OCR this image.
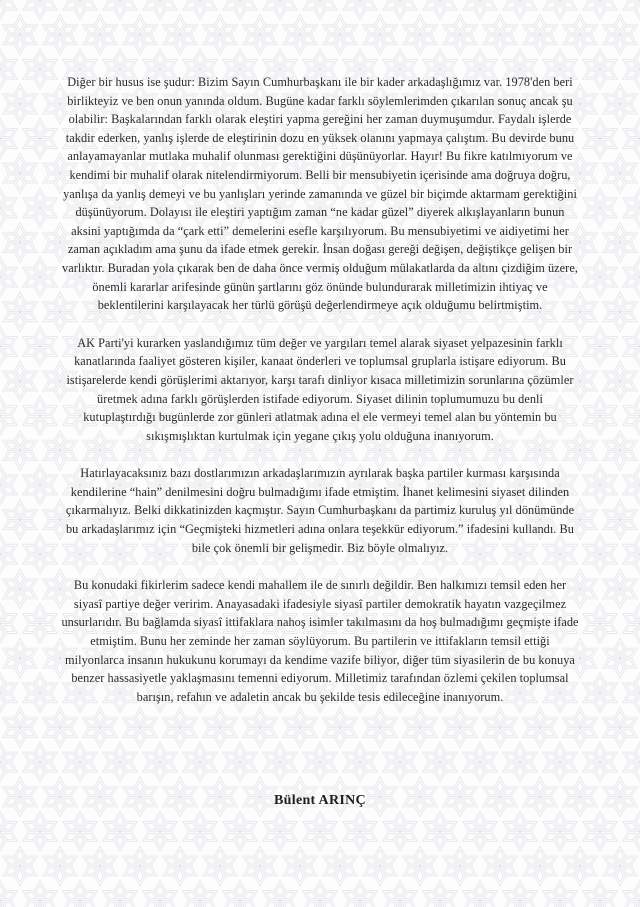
Diğer bir husus ise şudur: Bizim Sayın Cumhurbaşkanı ile bir kader arkadaşlığımız var. 1978'den beri birlikteyiz ve ben onun yanında oldum. Bugüne kadar farklı söylemlerimden çıkarılan sonuç ancak şu olabilir: Başkalarından farklı olarak eleştiri yapma gereğini her zaman duymuşumdur. Faydalı işlerde takdir ederken, yanlış işlerde de eleştirinin dozu en yüksek olanını yapmaya çalıştım. Bu devirde bunu anlayamayanlar mutlaka muhalif olunması gerektiğini düşünüyorlar. Hayır! Bu fikre katılmıyorum ve kendimi bir muhalif olarak nitelendirmiyorum. Belli bir mensubiyetin içerisinde ama doğruya doğru, yanlışa da yanlış demeyi ve bu yanlışları yerinde zamanında ve güzel bir biçimde aktarmam gerektiğini düşünüyorum. Dolayısı ile eleştiri yaptığım zaman “ne kadar güzel” diyerek alkışlayanların bunun aksini yaptığımda da “çark etti” demelerini esefle karşılıyorum. Bu mensubiyetimi ve aidiyetimi her zaman açıkladım ama şunu da ifade etmek gerekir. İnsan doğası gereği değişen, değiştikçe gelişen bir varlıktır. Buradan yola çıkarak ben de daha önce vermiş olduğum mülakatlarda da altını çizdiğim üzere, önemli kararlar arifesinde günün şartlarını göz önünde bulundurarak milletimizin ihtiyaç ve beklentilerini karşılayacak her türlü görüşü değerlendirmeye açık olduğumu belirtmiştim.

AK Parti'yi kurarken yaslandığımız tüm değer ve yargıları temel alarak siyaset yelpazesinin farklı kanatlarında faaliyet gösteren kişiler, kanaat önderleri ve toplumsal gruplarla istişare ediyorum. Bu istişarelerde kendi görüşlerimi aktarıyor, karşı tarafı dinliyor kısaca milletimizin sorunlarına çözümler üretmek adına farklı görüşlerden istifade ediyorum. Siyaset dilinin toplumumuzu bu denli kutuplaştırdığı bugünlerde zor günleri atlatmak adına el ele vermeyi temel alan bu yöntemin bu sıkışmışlıktan kurtulmak için yegane çıkış yolu olduğuna inanıyorum.

Hatırlayacaksınız bazı dostlarımızın arkadaşlarımızın ayrılarak başka partiler kurması karşısında kendilerine “hain” denilmesini doğru bulmadığımı ifade etmiştim. İhanet kelimesini siyaset dilinden çıkarmalıyız. Belki dikkatinizden kaçmıştır. Sayın Cumhurbaşkanı da partimiz kuruluş yıl dönümünde bu arkadaşlarımız için “Geçmişteki hizmetleri adına onlara teşekkür ediyorum.” ifadesini kullandı. Bu bile çok önemli bir gelişmedir. Biz böyle olmalıyız.

Bu konudaki fikirlerim sadece kendi mahallem ile de sınırlı değildir. Ben halkımızı temsil eden her siyasî partiye değer veririm. Anayasadaki ifadesiyle siyasî partiler demokratik hayatın vazgeçilmez unsurlarıdır. Bu bağlamda siyasî ittifaklara nahoş isimler takılmasını da hoş bulmadığımı geçmişte ifade etmiştim. Bunu her zeminde her zaman söylüyorum. Bu partilerin ve ittifakların temsil ettiği milyonlarca insanın hukukunu korumayı da kendime vazife biliyor, diğer tüm siyasilerin de bu konuya benzer hassasiyetle yaklaşmasını temenni ediyorum. Milletimiz tarafından özlemi çekilen toplumsal barışın, refahın ve adaletin ancak bu şekilde tesis edileceğine inanıyorum.

Bülent ARINÇ
